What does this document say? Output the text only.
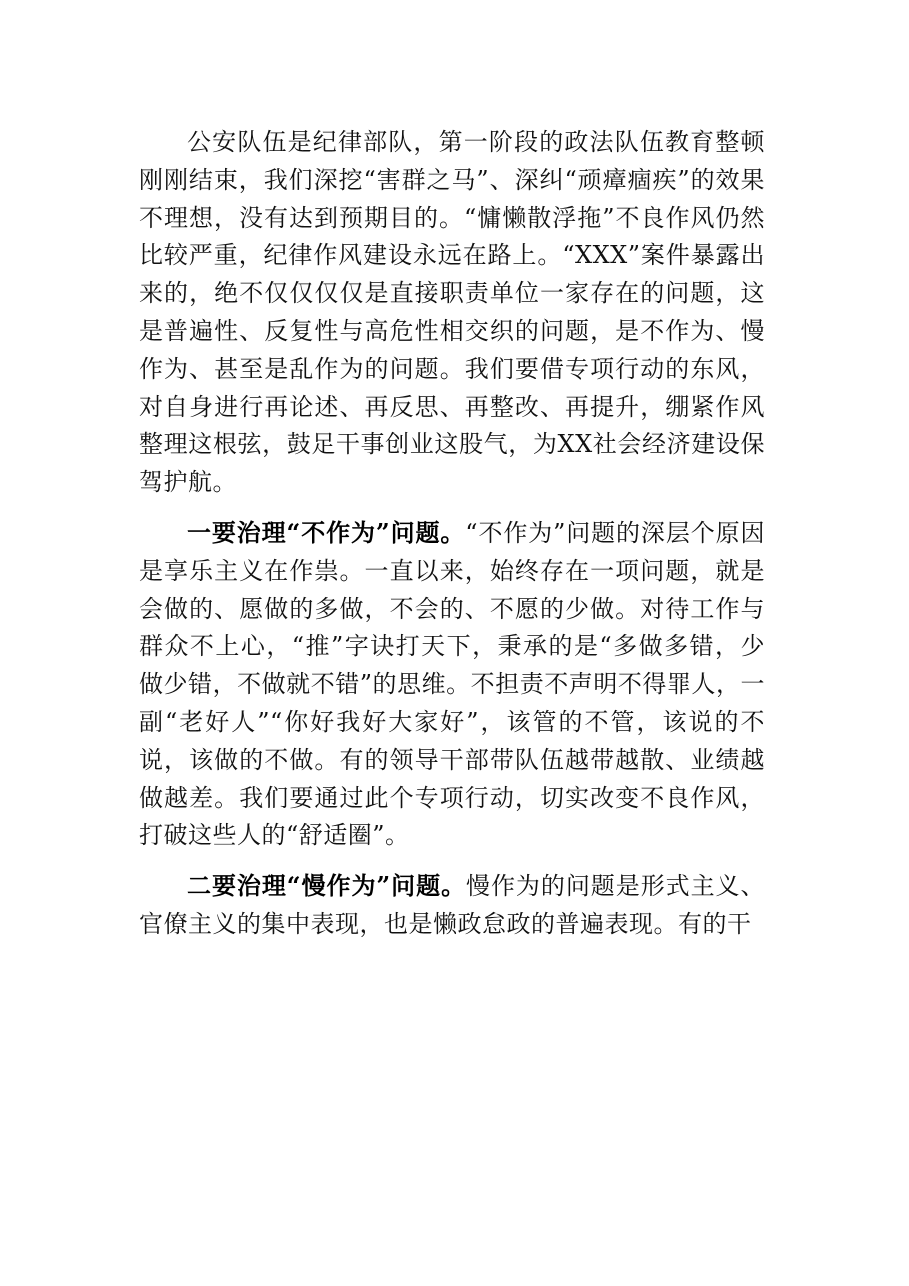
公安队伍是纪律部队，第一阶段的政法队伍教育整顿刚刚结束，我们深挖“害群之马”、深纠“顽瘴痼疾”的效果不理想，没有达到预期目的。“慵懒散浮拖”不良作风仍然比较严重，纪律作风建设永远在路上。“XXX”案件暴露出来的，绝不仅仅仅仅是直接职责单位一家存在的问题，这是普遍性、反复性与高危性相交织的问题，是不作为、慢作为、甚至是乱作为的问题。我们要借专项行动的东风，对自身进行再论述、再反思、再整改、再提升，绷紧作风整理这根弦，鼓足干事创业这股气，为XX社会经济建设保驾护航。

一要治理“不作为”问题。“不作为”问题的深层个原因是享乐主义在作祟。一直以来，始终存在一项问题，就是会做的、愿做的多做，不会的、不愿的少做。对待工作与群众不上心，“推”字诀打天下，秉承的是“多做多错，少做少错，不做就不错”的思维。不担责不声明不得罪人，一副“老好人”“你好我好大家好”，该管的不管，该说的不说，该做的不做。有的领导干部带队伍越带越散、业绩越做越差。我们要通过此个专项行动，切实改变不良作风，打破这些人的“舒适圈”。

二要治理“慢作为”问题。慢作为的问题是形式主义、官僚主义的集中表现，也是懒政怠政的普遍表现。有的干
